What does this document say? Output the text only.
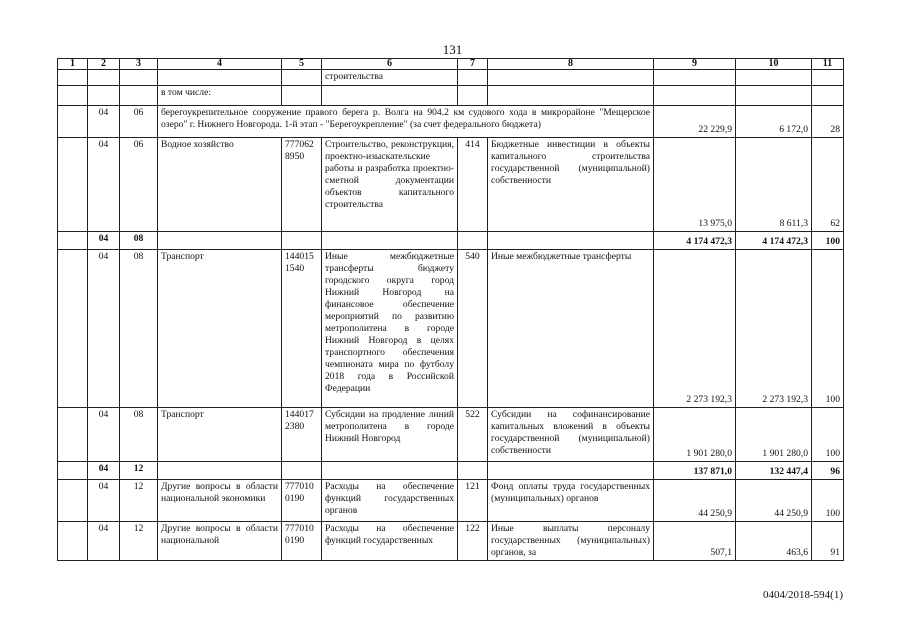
131
1	2	3	4	5	6	7	8	9	10	11
					строительства					
			в том числе:							
	04	06	берегоукрепительное сооружение правого берега р. Волга на 904.2 км судового хода в микрорайоне "Мещерское озеро" г. Нижнего Новгорода. 1-й этап - "Берегоукрепление" (за счет федерального бюджета)					22 229,9	6 172,0	28
	04	06	Водное хозяйство	777062 8950	Строительство, реконструкция, проектно-изыскательские работы и разработка проектно-сметной документации объектов капитального строительства	414	Бюджетные инвестиции в объекты капитального строительства государственной (муниципальной) собственности	13 975,0	8 611,3	62
	04	08						4 174 472,3	4 174 472,3	100
	04	08	Транспорт	144015 1540	Иные межбюджетные трансферты бюджету городского округа город Нижний Новгород на финансовое обеспечение мероприятий по развитию метрополитена в городе Нижний Новгород в целях транспортного обеспечения чемпионата мира по футболу 2018 года в Российской Федерации	540	Иные межбюджетные трансферты	2 273 192,3	2 273 192,3	100
	04	08	Транспорт	144017 2380	Субсидии на продление линий метрополитена в городе Нижний Новгород	522	Субсидии на софинансирование капитальных вложений в объекты государственной (муниципальной) собственности	1 901 280,0	1 901 280,0	100
	04	12						137 871,0	132 447,4	96
	04	12	Другие вопросы в области национальной экономики	777010 0190	Расходы на обеспечение функций государственных органов	121	Фонд оплаты труда государственных (муниципальных) органов	44 250,9	44 250,9	100
	04	12	Другие вопросы в области национальной	777010 0190	Расходы на обеспечение функций государственных	122	Иные выплаты персоналу государственных (муниципальных) органов, за	507,1	463,6	91
0404/2018-594(1)
